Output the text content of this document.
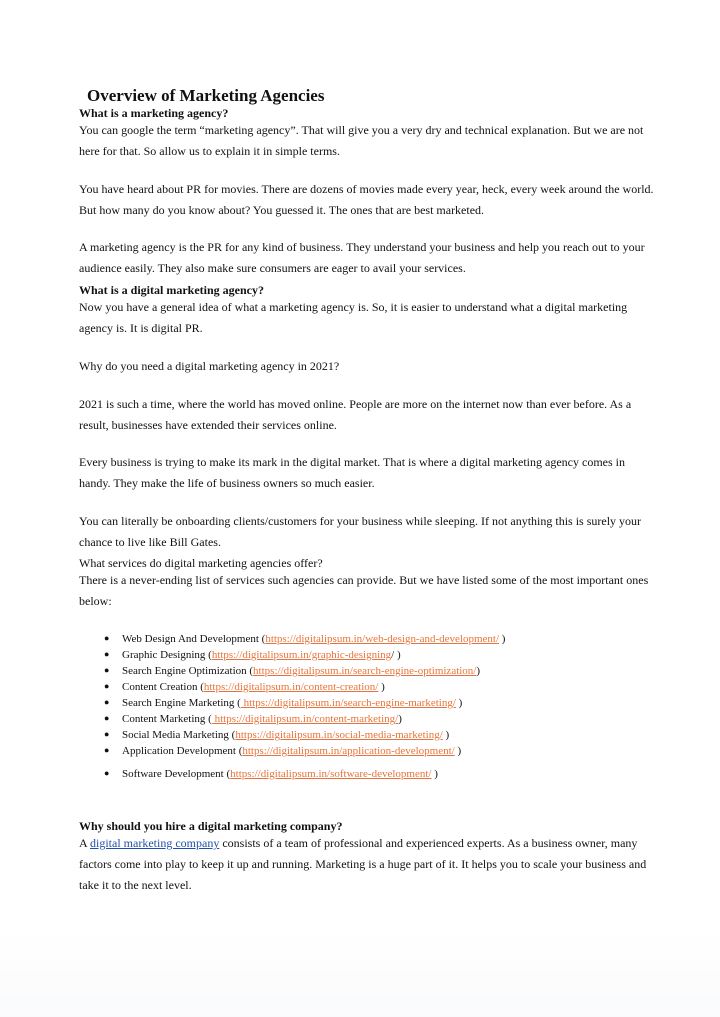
Overview of Marketing Agencies
What is a marketing agency?

You can google the term “marketing agency”. That will give you a very dry and technical explanation. But we are not here for that. So allow us to explain it in simple terms.

You have heard about PR for movies. There are dozens of movies made every year, heck, every week around the world. But how many do you know about? You guessed it. The ones that are best marketed.

A marketing agency is the PR for any kind of business. They understand your business and help you reach out to your audience easily. They also make sure consumers are eager to avail your services.

What is a digital marketing agency?

Now you have a general idea of what a marketing agency is. So, it is easier to understand what a digital marketing agency is. It is digital PR.

Why do you need a digital marketing agency in 2021?

2021 is such a time, where the world has moved online. People are more on the internet now than ever before. As a result, businesses have extended their services online.

Every business is trying to make its mark in the digital market. That is where a digital marketing agency comes in handy. They make the life of business owners so much easier.

You can literally be onboarding clients/customers for your business while sleeping. If not anything this is surely your chance to live like Bill Gates.

What services do digital marketing agencies offer?

There is a never-ending list of services such agencies can provide. But we have listed some of the most important ones below:

● Web Design And Development (https://digitalipsum.in/web-design-and-development/ )
● Graphic Designing (https://digitalipsum.in/graphic-designing/ )
● Search Engine Optimization (https://digitalipsum.in/search-engine-optimization/)
● Content Creation (https://digitalipsum.in/content-creation/ )
● Search Engine Marketing ( https://digitalipsum.in/search-engine-marketing/ )
● Content Marketing ( https://digitalipsum.in/content-marketing/)
● Social Media Marketing (https://digitalipsum.in/social-media-marketing/ )
● Application Development (https://digitalipsum.in/application-development/ )
● Software Development (https://digitalipsum.in/software-development/ )
Why should you hire a digital marketing company?

A digital marketing company consists of a team of professional and experienced experts. As a business owner, many factors come into play to keep it up and running. Marketing is a huge part of it. It helps you to scale your business and take it to the next level.
